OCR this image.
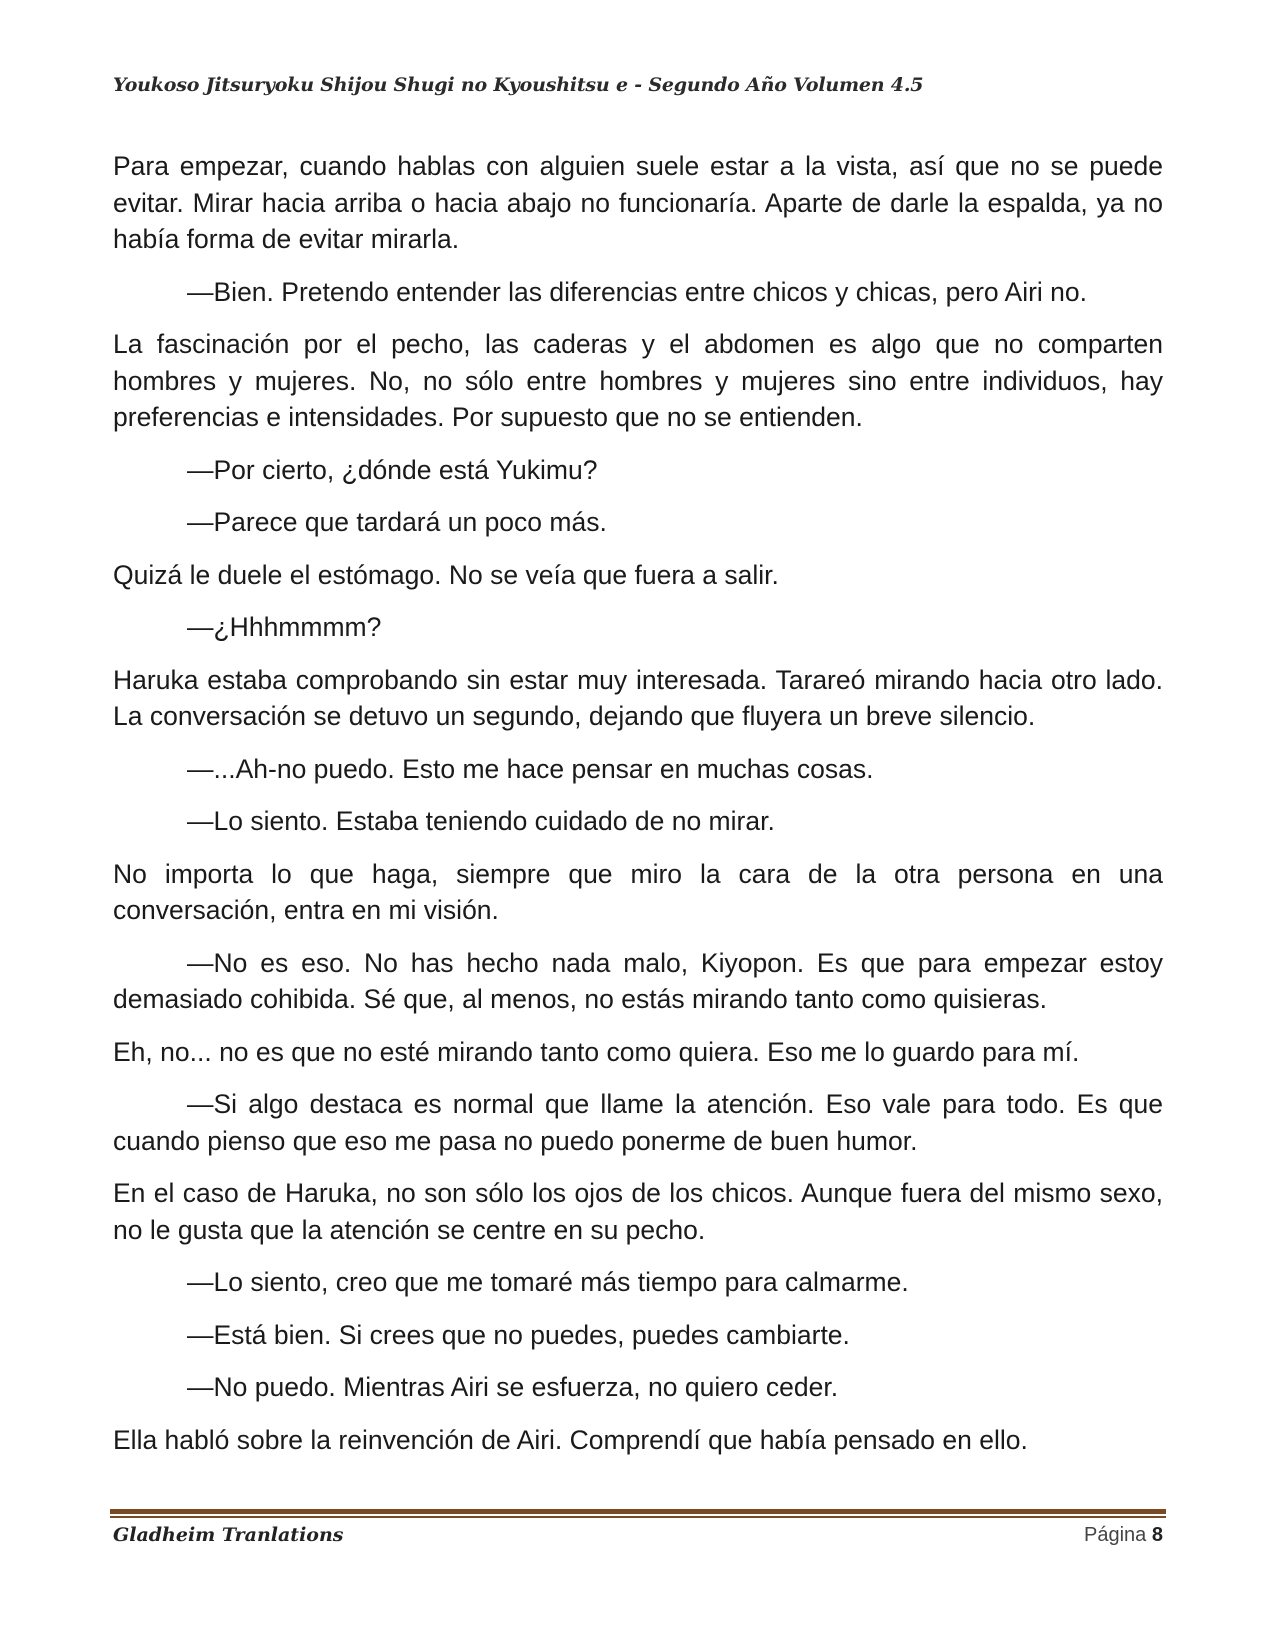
Youkoso Jitsuryoku Shijou Shugi no Kyoushitsu e - Segundo Año Volumen 4.5

Para empezar, cuando hablas con alguien suele estar a la vista, así que no se puede evitar. Mirar hacia arriba o hacia abajo no funcionaría. Aparte de darle la espalda, ya no había forma de evitar mirarla.

—Bien. Pretendo entender las diferencias entre chicos y chicas, pero Airi no.

La fascinación por el pecho, las caderas y el abdomen es algo que no comparten hombres y mujeres. No, no sólo entre hombres y mujeres sino entre individuos, hay preferencias e intensidades. Por supuesto que no se entienden.

—Por cierto, ¿dónde está Yukimu?

—Parece que tardará un poco más.

Quizá le duele el estómago. No se veía que fuera a salir.

—¿Hhhmmmm?

Haruka estaba comprobando sin estar muy interesada. Tarareó mirando hacia otro lado. La conversación se detuvo un segundo, dejando que fluyera un breve silencio.

—...Ah-no puedo. Esto me hace pensar en muchas cosas.

—Lo siento. Estaba teniendo cuidado de no mirar.

No importa lo que haga, siempre que miro la cara de la otra persona en una conversación, entra en mi visión.

—No es eso. No has hecho nada malo, Kiyopon. Es que para empezar estoy demasiado cohibida. Sé que, al menos, no estás mirando tanto como quisieras.

Eh, no... no es que no esté mirando tanto como quiera. Eso me lo guardo para mí.

—Si algo destaca es normal que llame la atención. Eso vale para todo. Es que cuando pienso que eso me pasa no puedo ponerme de buen humor.

En el caso de Haruka, no son sólo los ojos de los chicos. Aunque fuera del mismo sexo, no le gusta que la atención se centre en su pecho.

—Lo siento, creo que me tomaré más tiempo para calmarme.

—Está bien. Si crees que no puedes, puedes cambiarte.

—No puedo. Mientras Airi se esfuerza, no quiero ceder.

Ella habló sobre la reinvención de Airi. Comprendí que había pensado en ello.

Gladheim Tranlations	Página 8
